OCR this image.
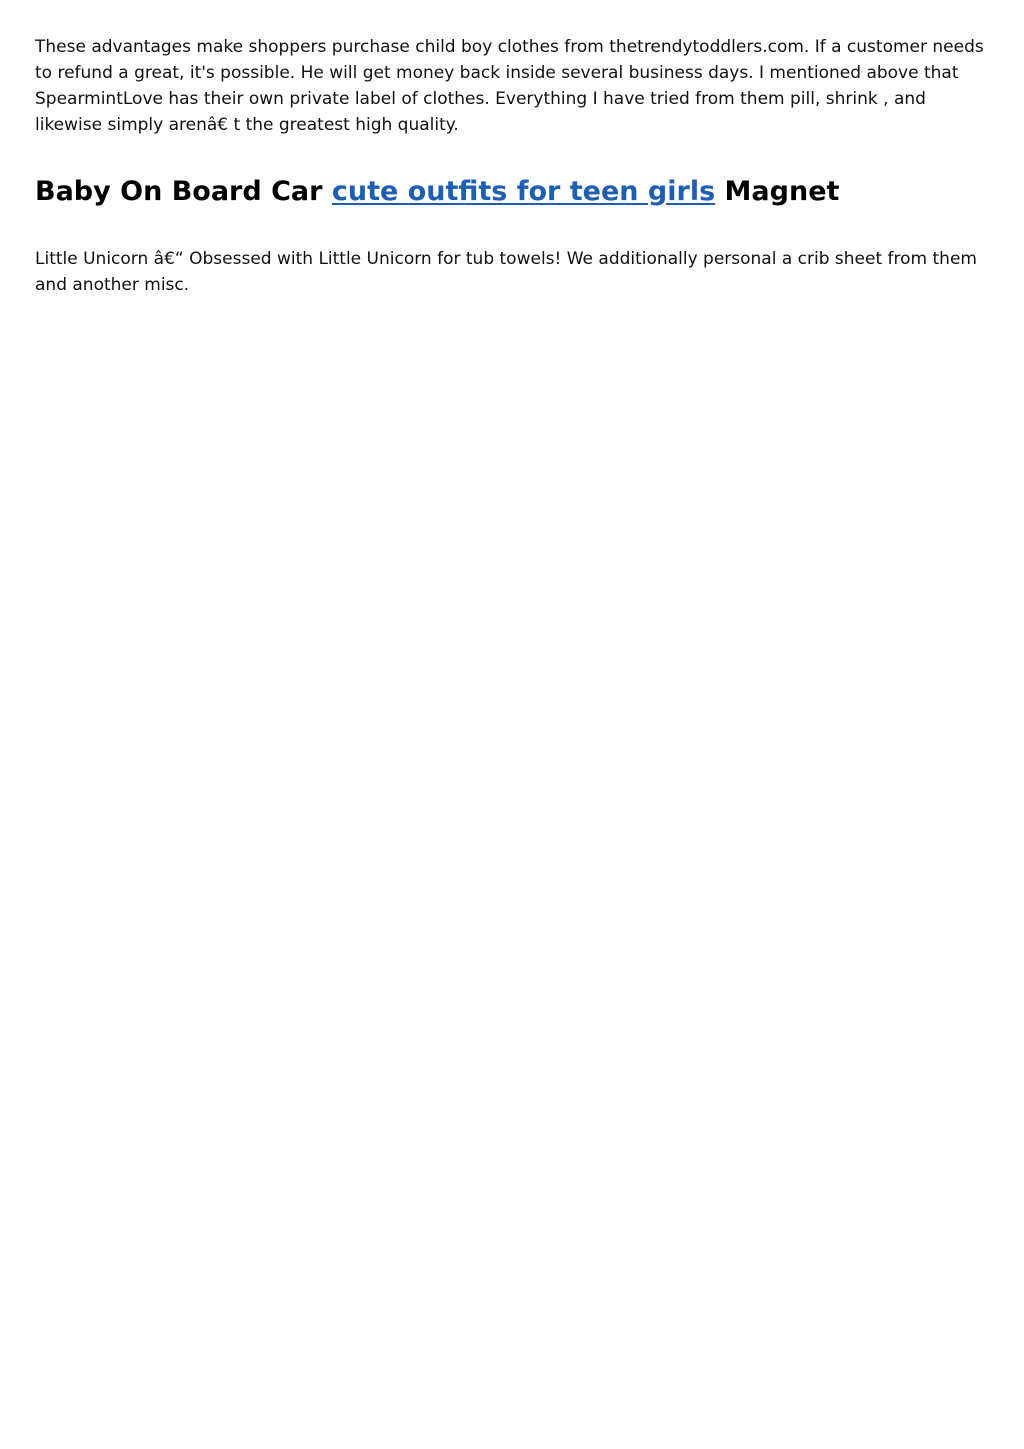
These advantages make shoppers purchase child boy clothes from thetrendytoddlers.com. If a customer needs to refund a great, it's possible. He will get money back inside several business days. I mentioned above that SpearmintLove has their own private label of clothes. Everything I have tried from them pill, shrink , and likewise simply arenâ€ t the greatest high quality.

Baby On Board Car cute outfits for teen girls Magnet

Little Unicorn â€“ Obsessed with Little Unicorn for tub towels! We additionally personal a crib sheet from them and another misc.
